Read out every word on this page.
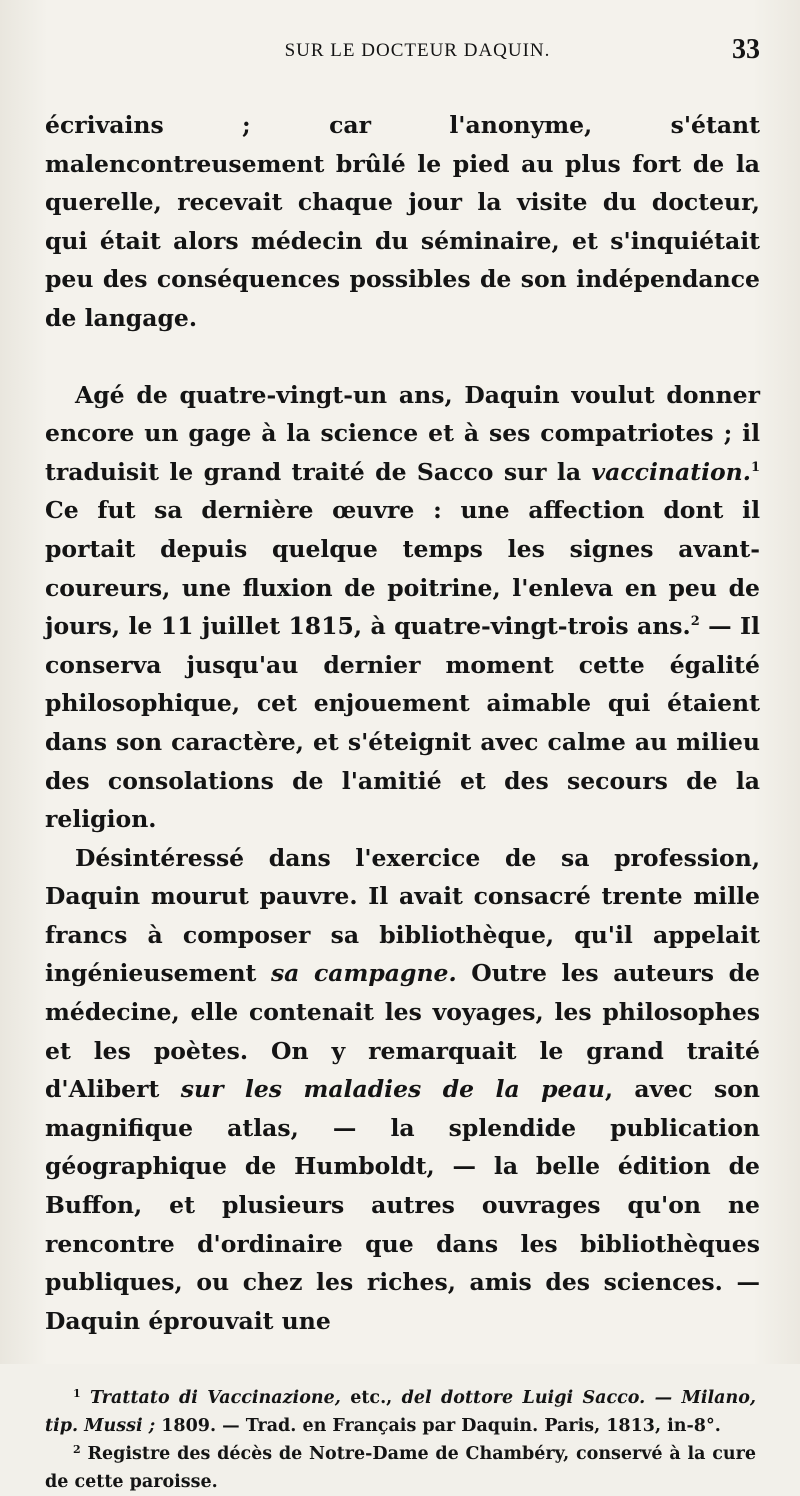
SUR LE DOCTEUR DAQUIN.	33

écrivains ; car l'anonyme, s'étant malencontreusement brûlé le pied au plus fort de la querelle, recevait chaque jour la visite du docteur, qui était alors médecin du séminaire, et s'inquiétait peu des conséquences possibles de son indépendance de langage.

Agé de quatre-vingt-un ans, Daquin voulut donner encore un gage à la science et à ses compatriotes ; il traduisit le grand traité de Sacco sur la vaccination.$^1$ Ce fut sa dernière œuvre : une affection dont il portait depuis quelque temps les signes avant-coureurs, une fluxion de poitrine, l'enleva en peu de jours, le 11 juillet 1815, à quatre-vingt-trois ans.$^2$ — Il conserva jusqu'au dernier moment cette égalité philosophique, cet enjouement aimable qui étaient dans son caractère, et s'éteignit avec calme au milieu des consolations de l'amitié et des secours de la religion.

Désintéressé dans l'exercice de sa profession, Daquin mourut pauvre. Il avait consacré trente mille francs à composer sa bibliothèque, qu'il appelait ingénieusement sa campagne. Outre les auteurs de médecine, elle contenait les voyages, les philosophes et les poètes. On y remarquait le grand traité d'Alibert sur les maladies de la peau, avec son magnifique atlas, — la splendide publication géographique de Humboldt, — la belle édition de Buffon, et plusieurs autres ouvrages qu'on ne rencontre d'ordinaire que dans les bibliothèques publiques, ou chez les riches, amis des sciences. — Daquin éprouvait une

$^1$ Trattato di Vaccinazione, etc., del dottore Luigi Sacco. — Milano, tip. Mussi ; 1809. — Trad. en Français par Daquin. Paris, 1813, in-8°.

$^2$ Registre des décès de Notre-Dame de Chambéry, conservé à la cure de cette paroisse.
